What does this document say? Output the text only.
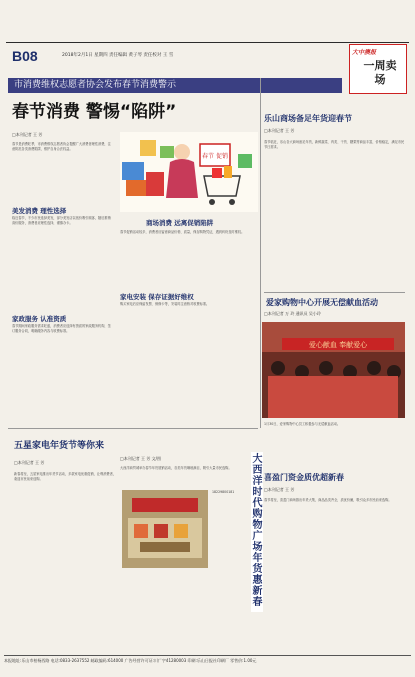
B08	2018年2月1日 星期四 责任编辑 黄子琴 责任校对 王 雪	大中澳报
一周卖场
市消费维权志愿者协会发布春节消费警示
春节消费 警惕“陷阱”
□本刊记者 王 芳
春节是消费旺季，市消费维权志愿者协会提醒广大消费者理性消费，注意防范各类消费陷阱，维护自身合法权益。
美发消费 理性选择
临近春节，不少市民选择美发，部分美发店以低价吸引顾客，随后推销高价服务，消费者应理性选择，谨慎办卡。
家政服务 认准资质
春节期间家政服务需求旺盛，消费者应选择有资质的家政服务机构，签订服务合同，明确服务内容与收费标准。
春节 促销
商场消费 远离促销陷阱
春节促销活动较多，消费者应留意商品价格、质量，保存购物凭证，遇到纠纷及时维权。
家电安装 保存证据好维权
购买家电后应保留发票、保修卡等，安装时注意核对收费标准。
乐山商场备足年货迎春节
□本刊记者 王 芳
春节临近，乐山各大商场备足年货，新鲜蔬菜、肉类、干货、糖果等商品丰富，价格稳定，满足市民节日需求。
爱家购物中心开展无偿献血活动
□本刊记者 万 玲 通讯员 吴小玲
爱心献血 奉献爱心
1月30日，爱家购物中心员工积极参与无偿献血活动。
喜盈门资金质优超新春
□本刊记者 王 芳
春节将至，喜盈门商场推出年货大集，商品品类齐全，质优价廉，吸引众多市民前来选购。
五星家电年货节等你来
□本刊记者 王 芳
新春将至，五星家电推出年货节活动，多款家电优惠促销，让利消费者，欢迎市民前来选购。
□本刊记者 王 芳 文/图
大西洋商贸城举办春节年货展销活动，各类年货琳琅满目，吸引大量市民选购。
18229800181
大西洋时代购物广场年货惠新春
本报地址:乐山市柏杨西路 电话:0833-2637552 邮政编码:614000 广告经营许可证:川广字41280003 印刷:乐山日报社印刷厂 零售价:1.00元
